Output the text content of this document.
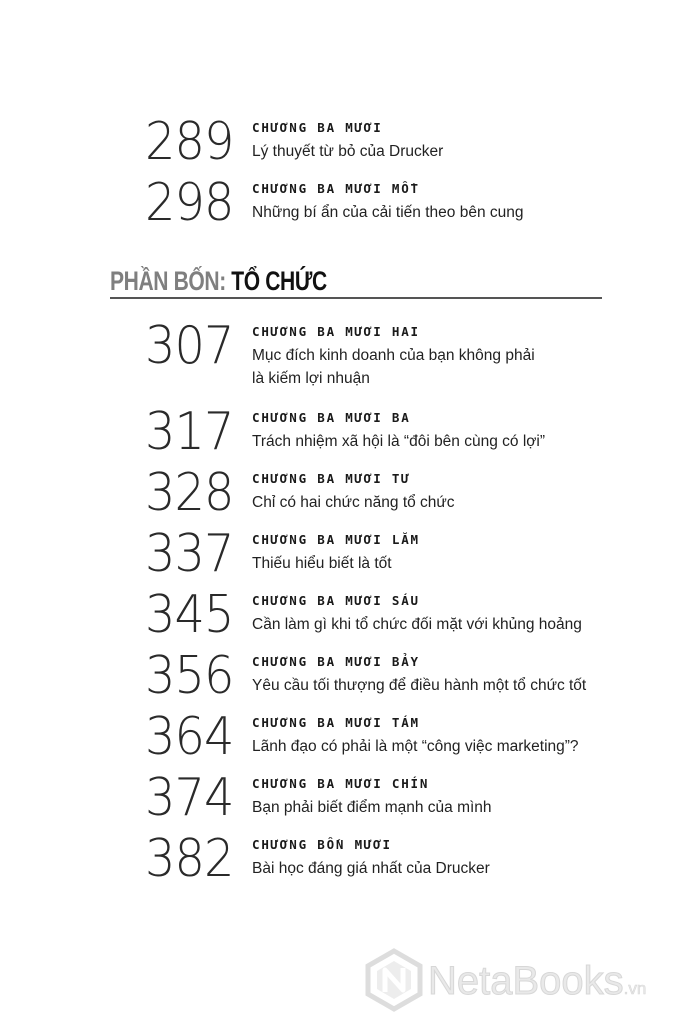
289 CHƯƠNG BA MƯƠI
Lý thuyết từ bỏ của Drucker
298 CHƯƠNG BA MƯƠI MỐT
Những bí ẩn của cải tiến theo bên cung
PHẦN BỐN: TỔ CHỨC
307 CHƯƠNG BA MƯƠI HAI
Mục đích kinh doanh của bạn không phải
là kiếm lợi nhuận
317 CHƯƠNG BA MƯƠI BA
Trách nhiệm xã hội là “đôi bên cùng có lợi”
328 CHƯƠNG BA MƯƠI TƯ
Chỉ có hai chức năng tổ chức
337 CHƯƠNG BA MƯƠI LĂM
Thiếu hiểu biết là tốt
345 CHƯƠNG BA MƯƠI SÁU
Cần làm gì khi tổ chức đối mặt với khủng hoảng
356 CHƯƠNG BA MƯƠI BẢY
Yêu cầu tối thượng để điều hành một tổ chức tốt
364 CHƯƠNG BA MƯƠI TÁM
Lãnh đạo có phải là một “công việc marketing”?
374 CHƯƠNG BA MƯƠI CHÍN
Bạn phải biết điểm mạnh của mình
382 CHƯƠNG BỐN MƯƠI
Bài học đáng giá nhất của Drucker
NetaBooks.vn
